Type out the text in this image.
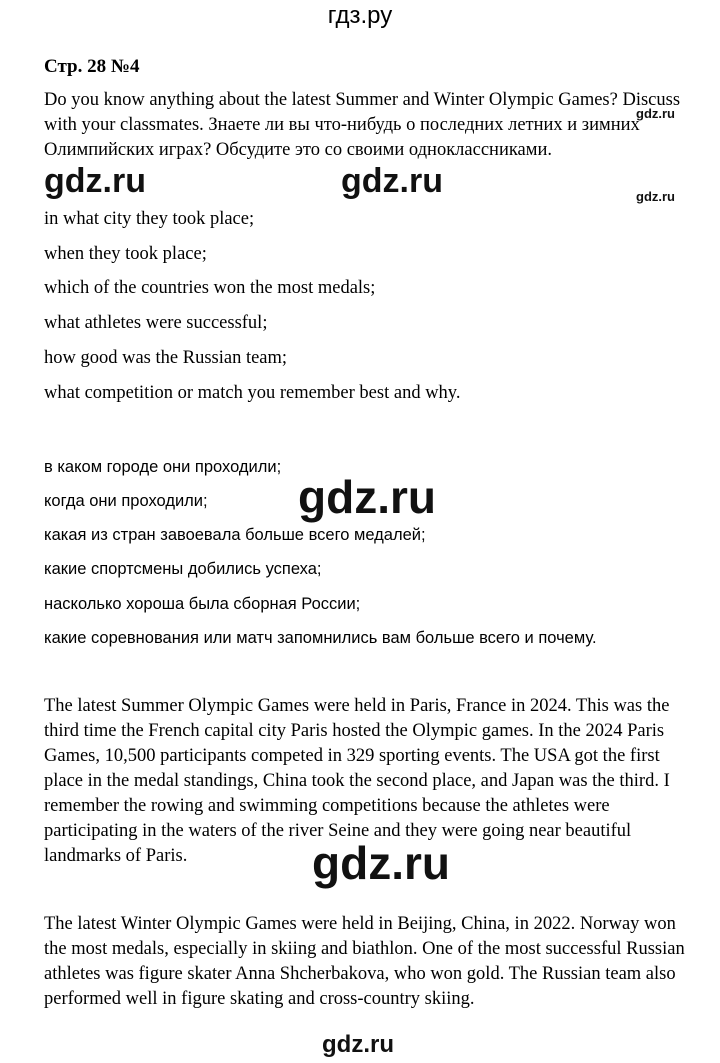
гдз.ру
Стр. 28 №4

Do you know anything about the latest Summer and Winter Olympic Games? Discuss with your classmates. Знаете ли вы что-нибудь о последних летних и зимних Олимпийских играх? Обсудите это со своими одноклассниками.

gdz.ru
gdz.ru
gdz.ru	gdz.ru
in what city they took place;
when they took place;
which of the countries won the most medals;
what athletes were successful;
how good was the Russian team;
what competition or match you remember best and why.
gdz.ru
в каком городе они проходили;
когда они проходили;
какая из стран завоевала больше всего медалей;
какие спортсмены добились успеха;
насколько хороша была сборная России;
какие соревнования или матч запомнились вам больше всего и почему.

The latest Summer Olympic Games were held in Paris, France in 2024. This was the third time the French capital city Paris hosted the Olympic games. In the 2024 Paris Games, 10,500 participants competed in 329 sporting events. The USA got the first place in the medal standings, China took the second place, and Japan was the third. I remember the rowing and swimming competitions because the athletes were participating in the waters of the river Seine and they were going near beautiful landmarks of Paris.	gdz.ru

The latest Winter Olympic Games were held in Beijing, China, in 2022. Norway won the most medals, especially in skiing and biathlon. One of the most successful Russian athletes was figure skater Anna Shcherbakova, who won gold. The Russian team also performed well in figure skating and cross-country skiing.

gdz.ru
